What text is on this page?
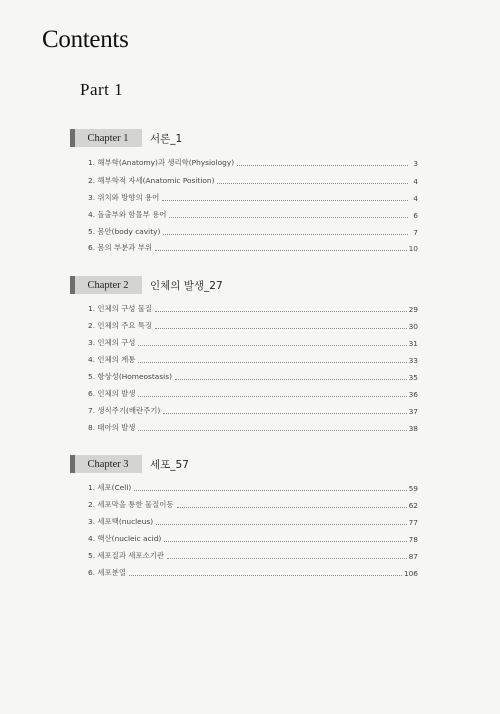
Contents
Part 1
Chapter 1	서론_1
1. 해부학(Anatomy)과 생리학(Physiology)	3
2. 해부학적 자세(Anatomic Position)	4
3. 위치와 방향의 용어	4
4. 돌출부와 함몰부 용어	6
5. 몸안(body cavity)	7
6. 몸의 부분과 부위	10
Chapter 2	인체의 발생_27
1. 인체의 구성 물질	29
2. 인체의 주요 특징	30
3. 인체의 구성	31
4. 인체의 계통	33
5. 항상성(Homeostasis)	35
6. 인체의 발생	36
7. 생식주기(배란주기)	37
8. 태아의 발생	38
Chapter 3	세포_57
1. 세포(Cell)	59
2. 세포막을 통한 물질이동	62
3. 세포핵(nucleus)	77
4. 핵산(nucleic acid)	78
5. 세포질과 세포소기관	87
6. 세포분열	106
